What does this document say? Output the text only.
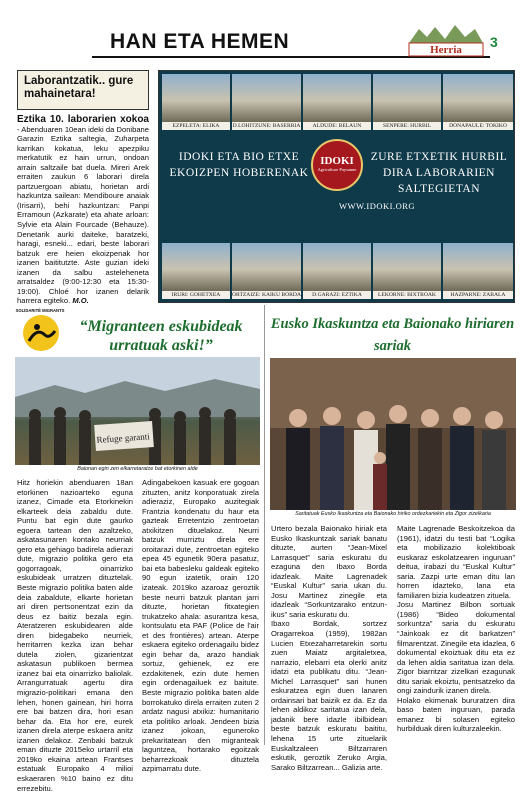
HAN ETA HEMEN	Herria 3
Laborantzatik.. gure mahainetara!
Eztika 10. laborarien xokoa - Abenduaren 10ean ideki da Donibane Garazin Eztika saltegia, Zuharpeta karrikan kokatua, leku apezpiku merkatutik ez hain urrun, ondoan arrain saltzaile bat duela. Mireri Arek erraiten zaukun 6 laborari direla partzuergoan abiatu, horietan ardi hazkuntza sailean: Mendiboure anaiak (Irisarri), behi hazkuntzan: Panpi Erramoun (Azkarate) eta ahate arloan: Sylvie eta Alain Fourcade (Behauze). Denetarik aurki daiteke, baratzeki, haragi, esneki... edari, beste laborari batzuk ere heien ekoizpenak hor izanen baititutzte. Aste guzian ideki izanen da salbu asteleheneta arratsaldez (9:00-12:30 eta 15:30-19:00). Chloé hor izanen delarik harrera egiteko. M.O.
EZPELETA: ELIKA	D.LOHITZUNE: BASERRIA	ALDUDE: BELAUN	SENPERE: HURBIL	DONAPAULE: TOKIKO
IDOKI ETA BIO ETXE EKOIZPEN HOBERENAK
IDOKI
Agriculture Paysanne
ZURE ETXETIK HURBIL DIRA LABORARIEN SALTEGIETAN
WWW.IDOKI.ORG
IRURI: GOHETXEA	ORTZAIZE: KAIKU BORDA	D.GARAZI: EZTIKA	LEKORNE: BIXTROAK	HAZPARNE: ZABALA
SOLIDARITÉ MIGRANTS
“Migranteen eskubideak urratuak aski!”
Refuge garanti
Baionan egin zen elkarretaratze bat etorkinen alde
Hitz horiekin abenduaren 18an etorkinen nazioarteko eguna izanez, Cimade eta Etorkinekin elkarteek deia zabaldu dute. Puntu bat egin dute gaurko egoera tartean den azaltzeko, askatasunaren kontako neurriak gero eta gehiago badirela adierazi dute, migrazio politika gero eta gogorragoak, oinarrizko eskubideak urratzen dituztelak. Beste migrazio politika baten alde deia zabaldute, elkarte horietan ari diren pertsonentzat ezin da deus ez baitiz bezala egin. Ateratzeren eskubidearen alde diren bidegabeko neurriek, herritarren kezka izan behar dutela ziolen, gizarientzat askatasun publikoen bermea izanez bai eta oinarrizko baliolak. Arrangurratuak agertu dira migrazio-politikari emana den lehen, honen gainean, hiri horra ere bai batzen dira, hori esan behar da. Eta hor ere, eurek izanen direla aterpe eskaera anitz izanen delakoz. Zenbaki batzuk eman dituzte 2015eko urtarril eta 2019ko ekaina artean Frantses estatuak Europako 4 milioi eskaeraren %10 baino ez ditu errezebitu.
Adingabekoen kasuak ere gogoan zituzten, anitz konporatuak zirela adieraziz, Europako auzitegiak Frantzia kondenatu du haur eta gazteak Erretentzio zentroetan atxikitzen dituelakoz. Neurri batzuk murriztu direla ere oroitarazi dute, zentroetan egiteko epea 45 egunetik 90era pasatuz, bai eta babesleku galdeak egiteko 90 egun izatetik, orain 120 izateak. 2019ko azaroaz geroztik beste neurri batzuk plantan jarri dituzte, horietan fitxategien trukatzeko ahala: asurantza kesa, kontsulatu eta PAF (Police de l'air et des frontières) artean. Aterpe eskaera egiteko ordenagailu bidez egin behar da, arazo handiak sortuz, gehienek, ez ere ezdakitenek, ezin dute hemen egin ordenagailuek ez baitute. Beste migrazio politika baten alde borrokatuko direla erraiten zuten 2 ardatz nagusi atxikiz: humanitario eta politiko arloak. Jendeen bizia izanez jokoan, eguneroko prekaritatean den migranteak laguntzea, hortarako egoitzak beharrezkoak dituztela azpimarratu dute.
Eusko Ikaskuntza eta Baionako hiriaren sariak
Saritatuak Eusko Ikaskuntza eta Baionako hiriko ordezkariekin eta Zigor zizelkaria
Urtero bezala Baionako hiriak eta Eusko Ikaskuntzak sariak banatu dituzte, aurten “Jean-Mixel Larrasquet” saria eskuratu du ezaguna den Ibaxo Borda idazleak. Maite Lagrenadek “Euskal Kultur” saria ukan du. Josu Martinez zinegile eta idazleak “Sorkuntzarako entzun-ikus” saria eskuratu du.
Ibaxo Bordak, sortzez Oragarrekoa (1959), 1982an Lucien Etxezaharretarekin sortu zuen Maiatz argitaletxea, narrazio, elebarri eta olerki anitz idatzi eta publikatu ditu. “Jean-Michel Larrasquet” sari hunen eskuratzea egin duen lanaren ordainsari bat baizik ez da. Ez da lehen aldikoz saritatua izan dela, jadanik bere idazle ibilbidean beste batzuk eskuratu baititu, lehena 15 urte zituelarik Euskaltzaleen Biltzarraren eskutik, geroztik Zeruko Argia, Sarako Biltzarrean... Galizia arte.
Maite Lagrenade Beskoitzekoa da (1961), idatzi du testi bat “Logika eta mobilizazio kolektiboak euskaraz eskolatzearen inguruan” deitua, irabazi du “Euskal Kultur” saria. Zazpi urte eman ditu lan horren idazteko, lana eta familiaren bizia kudeatzen zituela.
Josu Martinez Bilbon sortuak (1986) “Bideo dokumental sorkuntza” saria du eskuratu “Jainkoak ez dit barkatzen” filmarentzat. Zinegile eta idazlea, 6 dokumental ekoiztuak ditu eta ez da lehen aldia saritatua izan dela. Zigor biarritzar zizelkari ezagunak ditu sariak ekoiztu, pentsatzeko da ongi zaindurik izanen direla.
Holako ekimenak bururatzen dira baso baten inguruan, parada emanez bi solasen egiteko hurbilduak diren kulturzaleekin.
